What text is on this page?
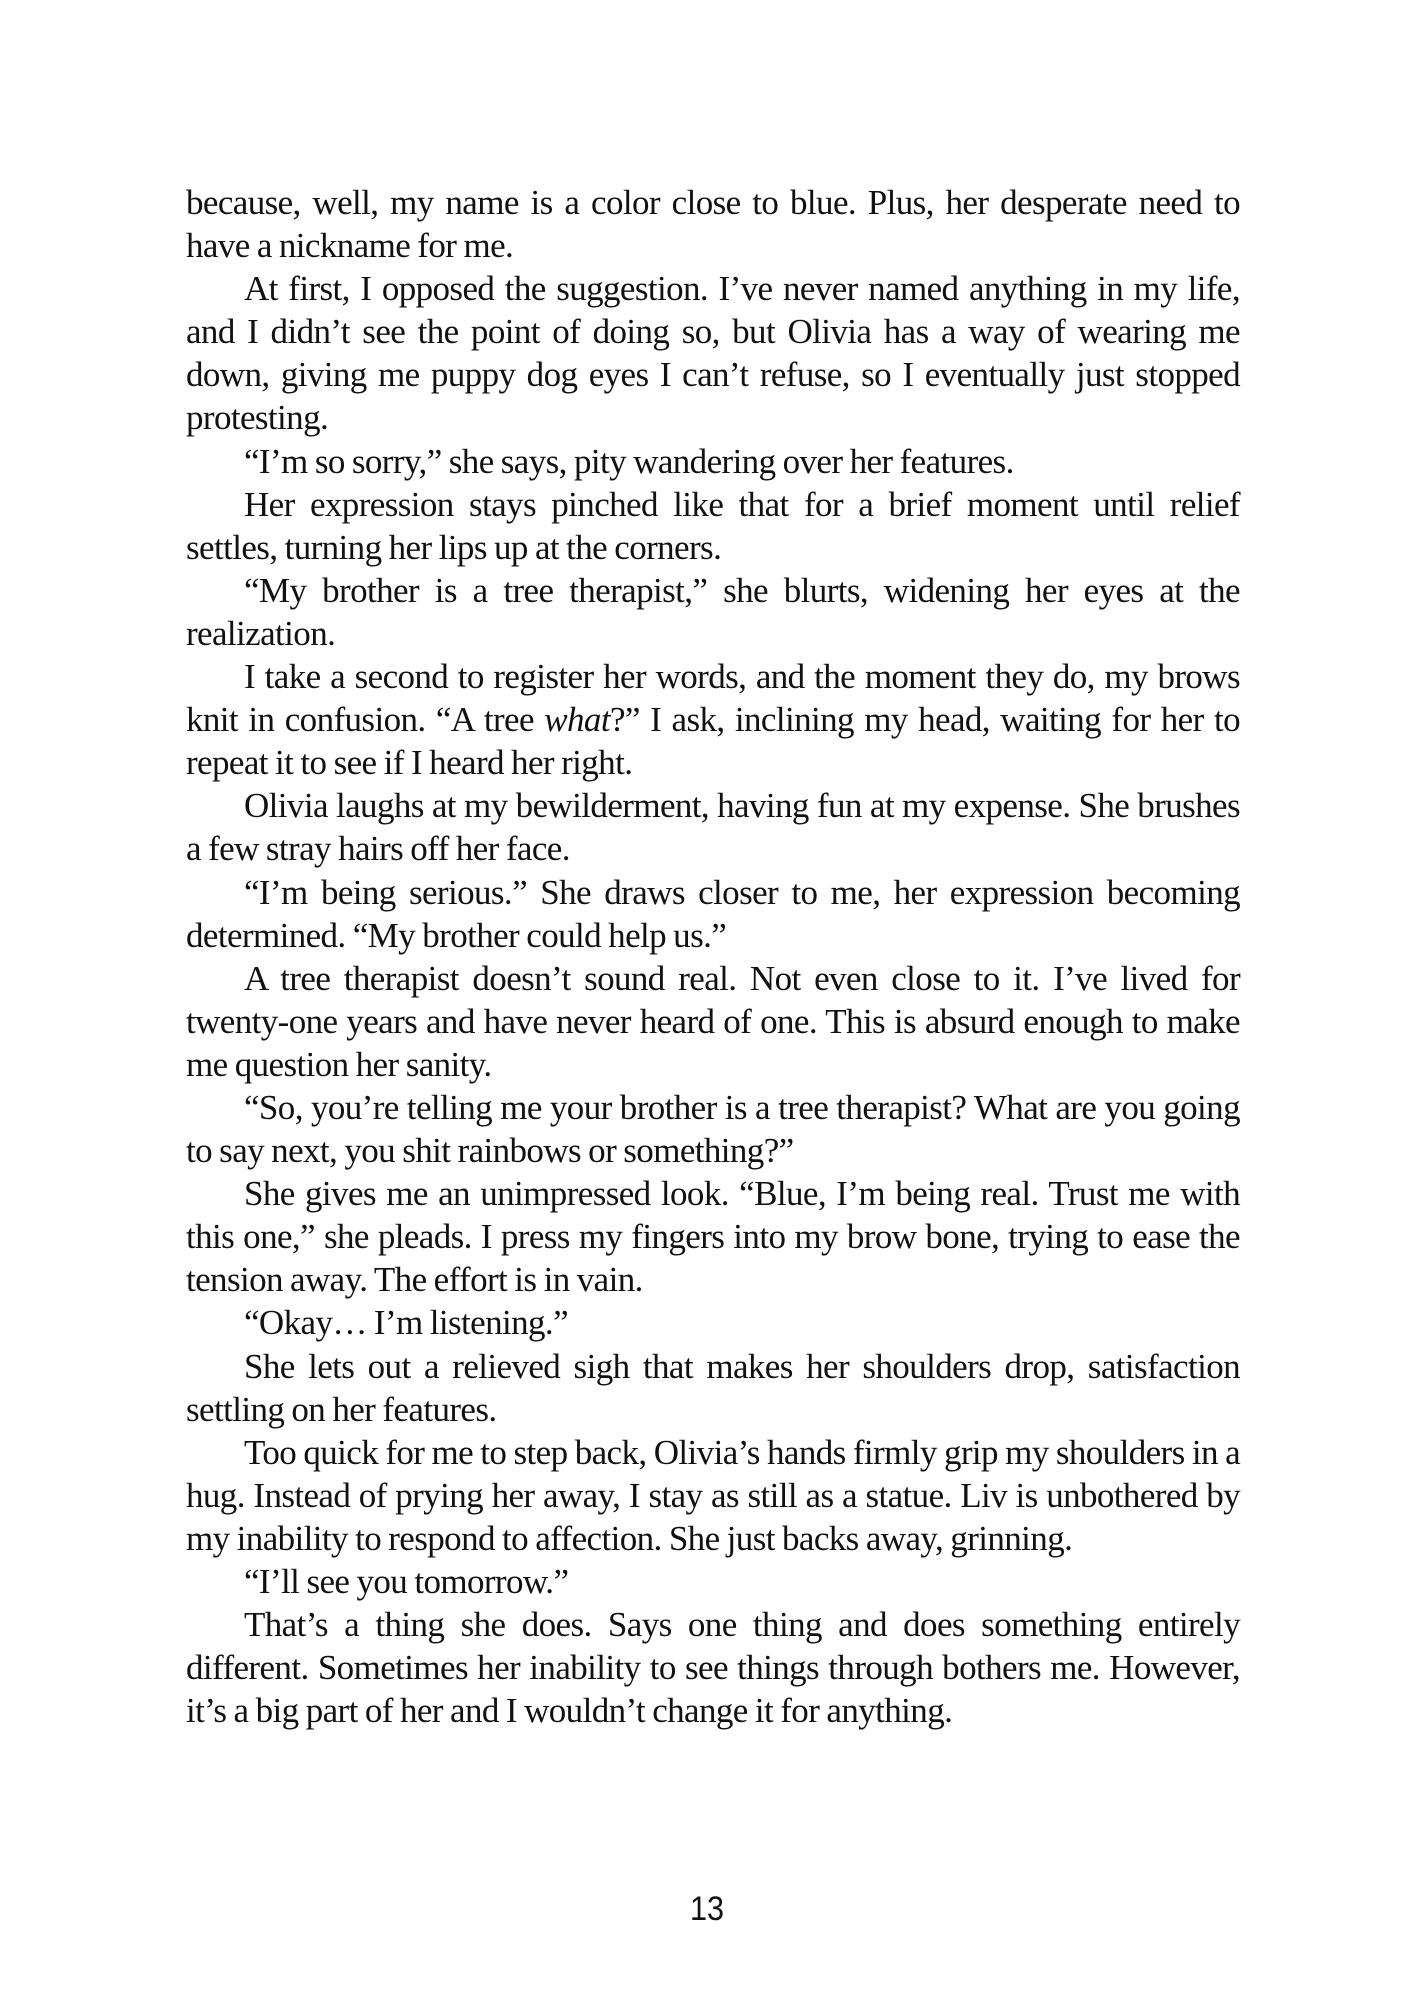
because, well, my name is a color close to blue. Plus, her desperate need to have a nickname for me.

At first, I opposed the suggestion. I’ve never named anything in my life, and I didn’t see the point of doing so, but Olivia has a way of wearing me down, giving me puppy dog eyes I can’t refuse, so I eventually just stopped protesting.

“I’m so sorry,” she says, pity wandering over her features.

Her expression stays pinched like that for a brief moment until relief settles, turning her lips up at the corners.

“My brother is a tree therapist,” she blurts, widening her eyes at the realization.

I take a second to register her words, and the moment they do, my brows knit in confusion. “A tree what?” I ask, inclining my head, waiting for her to repeat it to see if I heard her right.

Olivia laughs at my bewilderment, having fun at my expense. She brushes a few stray hairs off her face.

“I’m being serious.” She draws closer to me, her expression becoming determined. “My brother could help us.”

A tree therapist doesn’t sound real. Not even close to it. I’ve lived for twenty-one years and have never heard of one. This is absurd enough to make me question her sanity.

“So, you’re telling me your brother is a tree therapist? What are you going to say next, you shit rainbows or something?”

She gives me an unimpressed look. “Blue, I’m being real. Trust me with this one,” she pleads. I press my fingers into my brow bone, trying to ease the tension away. The effort is in vain.

“Okay… I’m listening.”

She lets out a relieved sigh that makes her shoulders drop, satisfaction settling on her features.

Too quick for me to step back, Olivia’s hands firmly grip my shoulders in a hug. Instead of prying her away, I stay as still as a statue. Liv is unbothered by my inability to respond to affection. She just backs away, grinning.

“I’ll see you tomorrow.”

That’s a thing she does. Says one thing and does something entirely different. Sometimes her inability to see things through bothers me. However, it’s a big part of her and I wouldn’t change it for anything.

13
